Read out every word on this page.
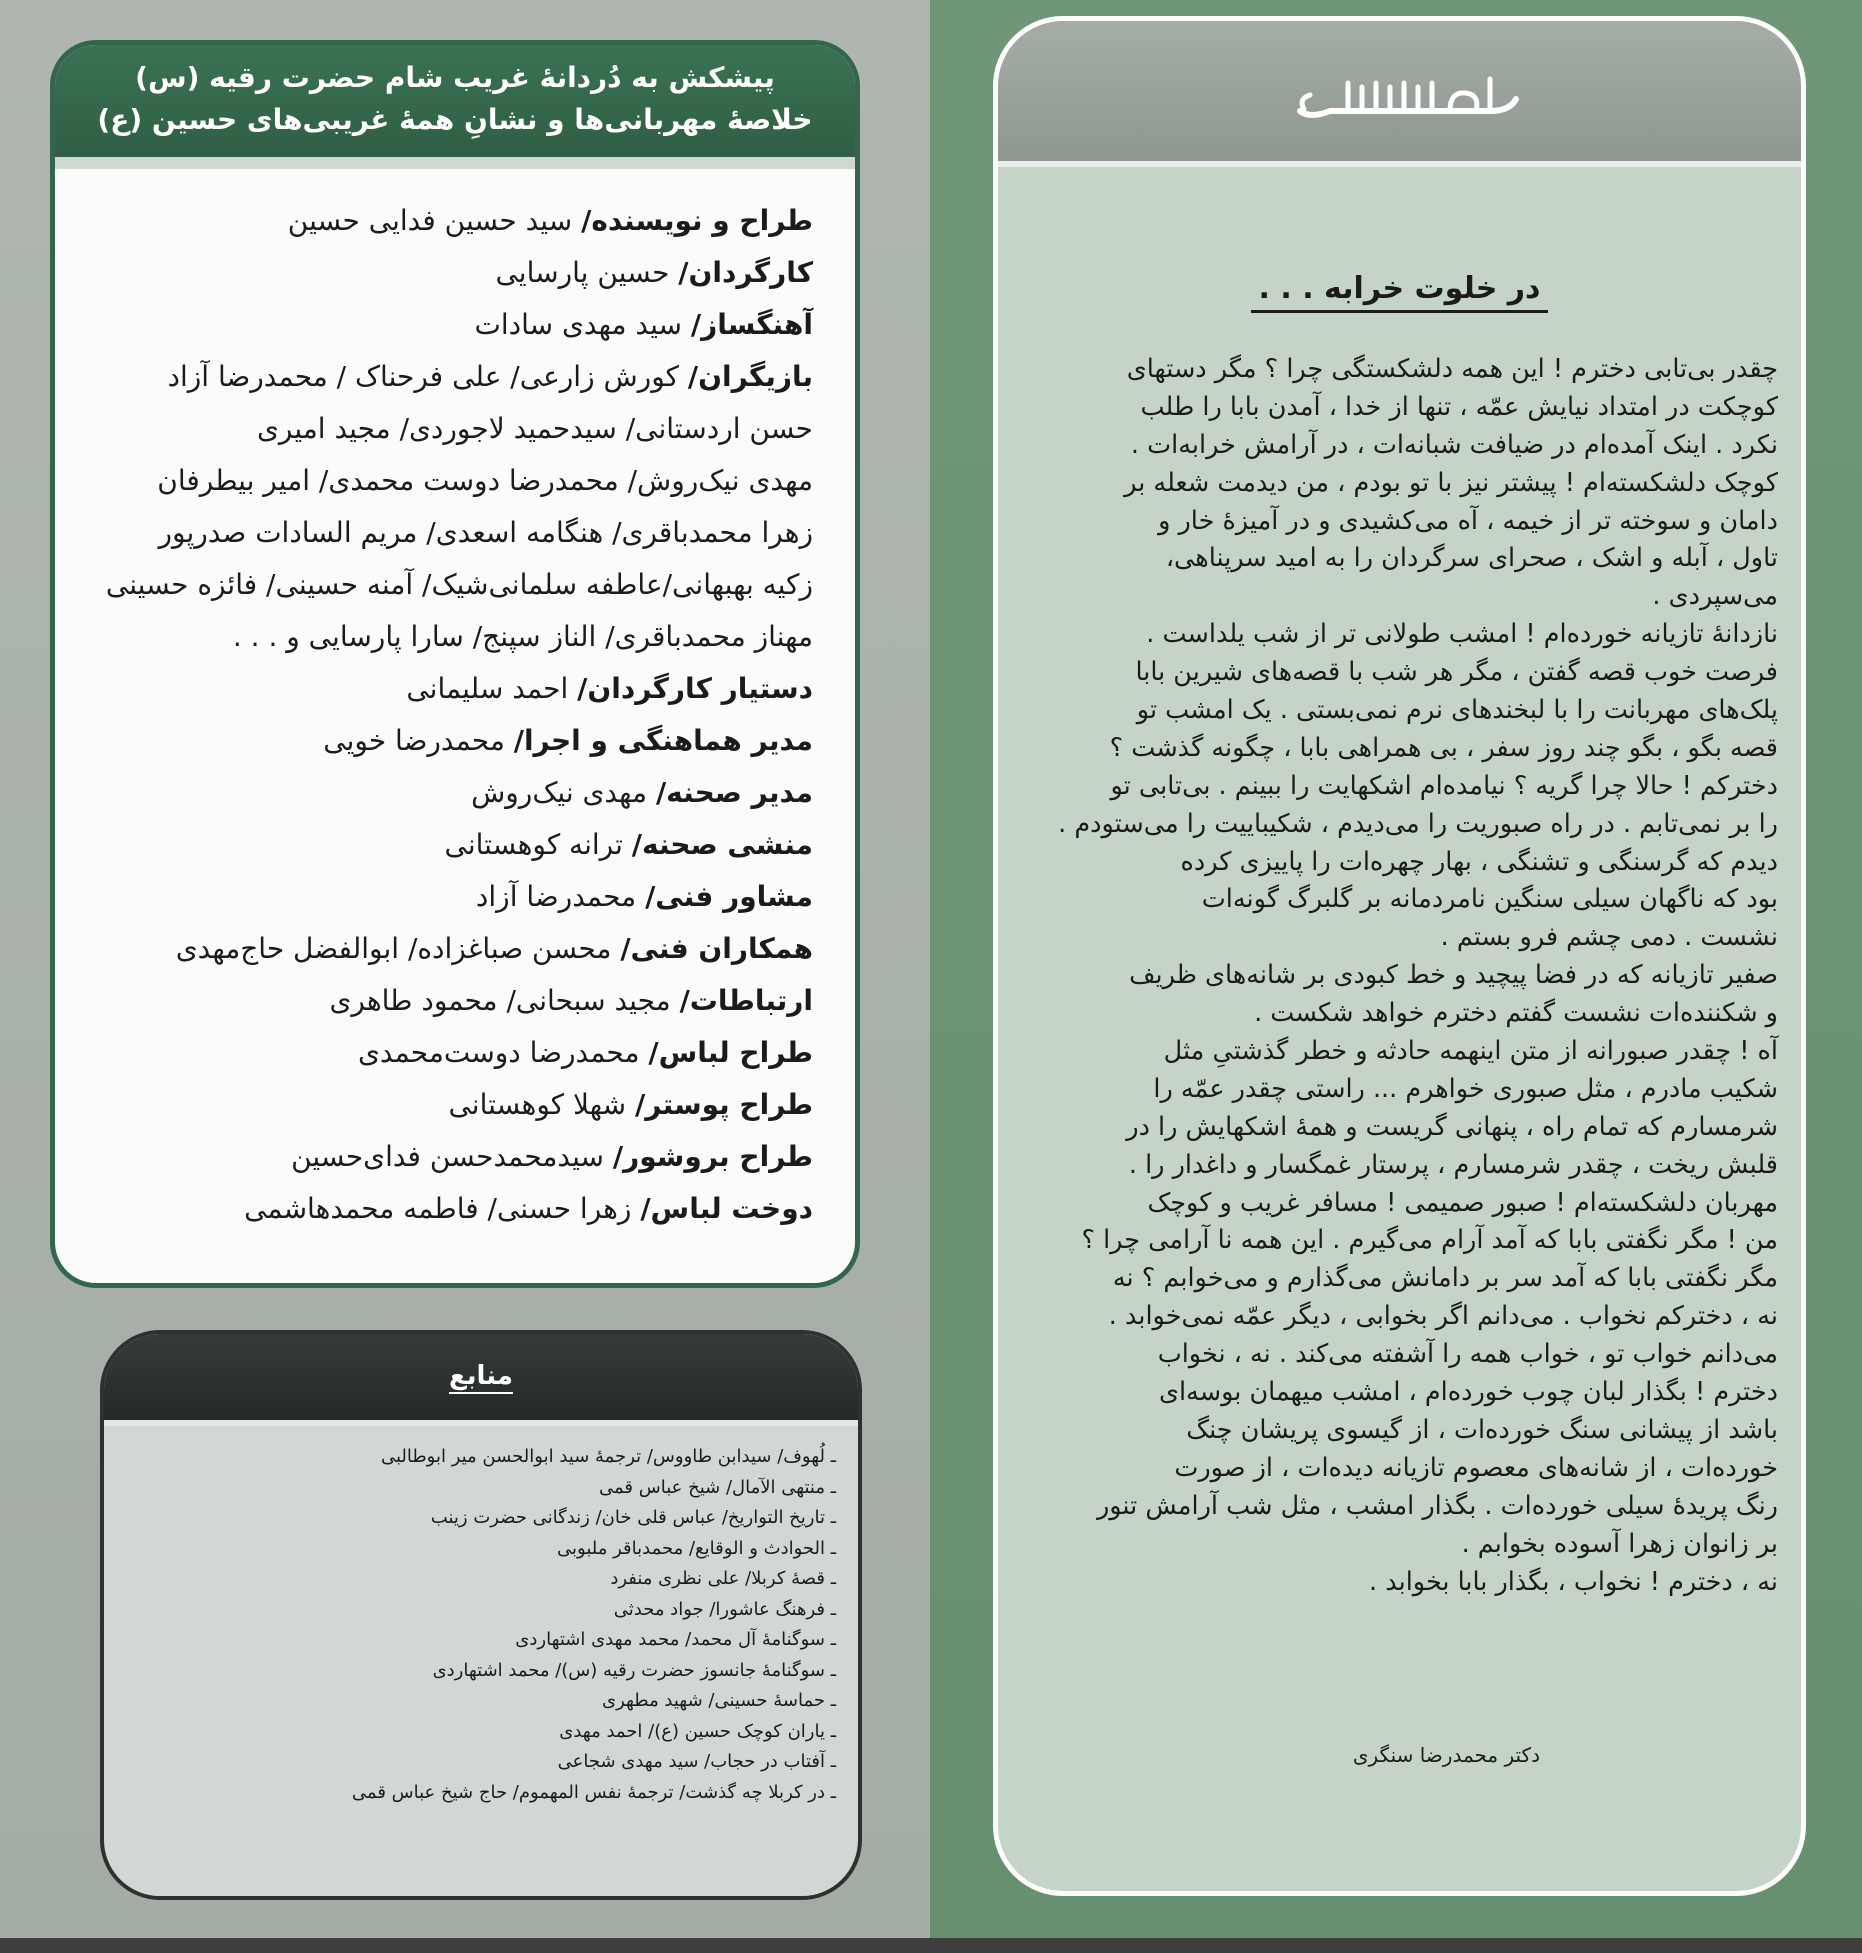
پیشکش به دُردانهٔ غریب شام حضرت رقیه (س)
خلاصهٔ مهربانی‌ها و نشانِ همهٔ غریبی‌های حسین (ع)
طراح و نویسنده/ سید حسین فدایی حسین
کارگردان/ حسین پارسایی
آهنگساز/ سید مهدی سادات
بازیگران/ کورش زارعی/ علی فرحناک / محمدرضا آزاد
حسن اردستانی/ سیدحمید لاجوردی/ مجید امیری
مهدی نیک‌روش/ محمدرضا دوست محمدی/ امیر بیطرفان
زهرا محمدباقری/ هنگامه اسعدی/ مریم السادات صدرپور
زکیه بهبهانی/عاطفه سلمانی‌شیک/ آمنه حسینی/ فائزه حسینی
مهناز محمدباقری/ الناز سپنج/ سارا پارسایی و . . .
دستیار کارگردان/ احمد سلیمانی
مدیر هماهنگی و اجرا/ محمدرضا خویی
مدیر صحنه/ مهدی نیک‌روش
منشی صحنه/ ترانه کوهستانی
مشاور فنی/ محمدرضا آزاد
همکاران فنی/ محسن صباغزاده/ ابوالفضل حاج‌مهدی
ارتباطات/ مجید سبحانی/ محمود طاهری
طراح لباس/ محمدرضا دوست‌محمدی
طراح پوستر/ شهلا کوهستانی
طراح بروشور/ سیدمحمدحسن فدای‌حسین
دوخت لباس/ زهرا حسنی/ فاطمه محمدهاشمی
منابع
ـ لُهوف/ سیدابن طاووس/ ترجمهٔ سید ابوالحسن میر ابوطالبی
ـ منتهی الآمال/ شیخ عباس قمی
ـ تاریخ التواریخ/ عباس قلی خان/ زندگانی حضرت زینب
ـ الحوادث و الوقایع/ محمدباقر ملبوبی
ـ قصهٔ کربلا/ علی نظری منفرد
ـ فرهنگ عاشورا/ جواد محدثی
ـ سوگنامهٔ آل محمد/ محمد مهدی اشتهاردی
ـ سوگنامهٔ جانسوز حضرت رقیه (س)/ محمد اشتهاردی
ـ حماسهٔ حسینی/ شهید مطهری
ـ یاران کوچک حسین (ع)/ احمد مهدی
ـ آفتاب در حجاب/ سید مهدی شجاعی
ـ در کربلا چه گذشت/ ترجمهٔ نفس المهموم/ حاج شیخ عباس قمی
در خلوت خرابه . . .
چقدر بی‌تابی دخترم ! این همه دلشکستگی چرا ؟ مگر دستهای
کوچکت در امتداد نیایش عمّه ، تنها از خدا ، آمدن بابا را طلب
نکرد . اینک آمده‌ام در ضیافت شبانه‌ات ، در آرامش خرابه‌ات .
کوچک دلشکسته‌ام ! پیشتر نیز با تو بودم ، من دیدمت شعله بر
دامان و سوخته تر از خیمه ، آه می‌کشیدی و در آمیزهٔ خار و
تاول ، آبله و اشک ، صحرای سرگردان را به امید سرپناهی،
می‌سپردی .
نازدانهٔ تازیانه خورده‌ام ! امشب طولانی تر از شب یلداست .
فرصت خوب قصه گفتن ، مگر هر شب با قصه‌های شیرین بابا
پلک‌های مهربانت را با لبخندهای نرم نمی‌بستی . یک امشب تو
قصه بگو ، بگو چند روز سفر ، بی همراهی بابا ، چگونه گذشت ؟
دخترکم ! حالا چرا گریه ؟ نیامده‌ام اشکهایت را ببینم . بی‌تابی تو
را بر نمی‌تابم . در راه صبوریت را می‌دیدم ، شکیباییت را می‌ستودم .
دیدم که گرسنگی و تشنگی ، بهار چهره‌ات را پاییزی کرده
بود که ناگهان سیلی سنگین نامردمانه بر گلبرگ گونه‌ات
نشست . دمی چشم فرو بستم .
صفیر تازیانه که در فضا پیچید و خط کبودی بر شانه‌های ظریف
و شکننده‌ات نشست گفتم دخترم خواهد شکست .
آه ! چقدر صبورانه از متن اینهمه حادثه و خطر گذشتیِ مثل
شکیب مادرم ، مثل صبوری خواهرم ... راستی چقدر عمّه را
شرمسارم که تمام راه ، پنهانی گریست و همهٔ اشکهایش را در
قلبش ریخت ، چقدر شرمسارم ، پرستار غمگسار و داغدار را .
مهربان دلشکسته‌ام ! صبور صمیمی ! مسافر غریب و کوچک
من ! مگر نگفتی بابا که آمد آرام می‌گیرم . این همه نا آرامی چرا ؟
مگر نگفتی بابا که آمد سر بر دامانش می‌گذارم و می‌خوابم ؟ نه
نه ، دخترکم نخواب . می‌دانم اگر بخوابی ، دیگر عمّه نمی‌خوابد .
می‌دانم خواب تو ، خواب همه را آشفته می‌کند . نه ، نخواب
دخترم ! بگذار لبان چوب خورده‌ام ، امشب میهمان بوسه‌ای
باشد از پیشانی سنگ خورده‌ات ، از گیسوی پریشان چنگ
خورده‌ات ، از شانه‌های معصوم تازیانه دیده‌ات ، از صورت
رنگ پریدهٔ سیلی خورده‌ات . بگذار امشب ، مثل شب آرامش تنور
بر زانوان زهرا آسوده بخوابم .
نه ، دخترم ! نخواب ، بگذار بابا بخوابد .
دکتر محمدرضا سنگری
